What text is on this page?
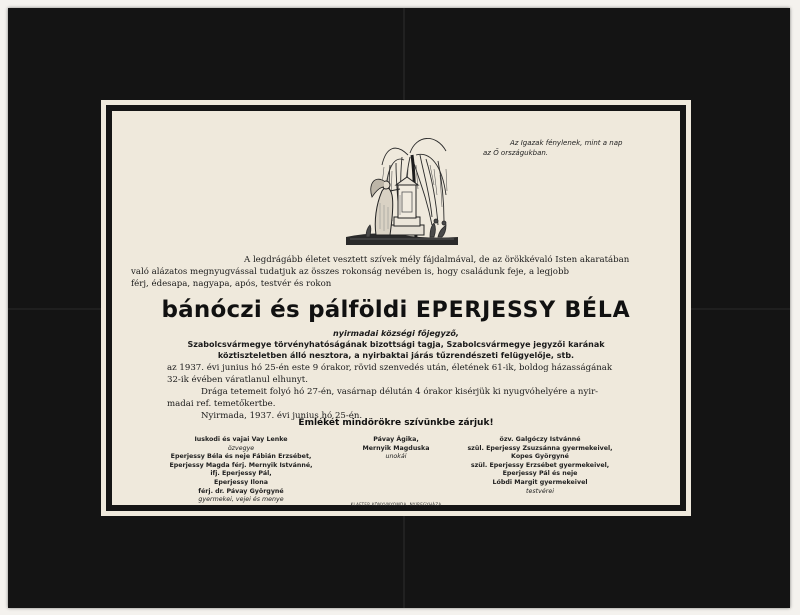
Az Igazak fénylenek, mint a nap
az Ő országukban.
A legdrágább életet vesztett szívek mély fájdalmával, de az örökkévaló Isten akaratában
való alázatos megnyugvással tudatjuk az összes rokonság nevében is, hogy családunk feje, a legjobb
férj, édesapa, nagyapa, após, testvér és rokon
bánóczi és pálföldi EPERJESSY BÉLA
nyirmadai községi főjegyző,
Szabolcsvármegye törvényhatóságának bizottsági tagja, Szabolcsvármegye jegyzői karának
köztiszteletben álló nesztora, a nyirbaktai járás tűzrendészeti felügyelője, stb.
az 1937. évi junius hó 25-én este 9 órakor, rövid szenvedés után, életének 61-ik, boldog házasságának
32-ik évében váratlanul elhunyt.
Drága tetemeit folyó hó 27-én, vasárnap délután 4 órakor kisérjük ki nyugvóhelyére a nyir-
madai ref. temetőkertbe.
Nyirmada, 1937. évi junius hó 25-én.
Emlékét mindörökre szívünkbe zárjuk!
Iuskodi és vajai Vay Lenke
özvegye
Eperjessy Béla és neje Fábián Erzsébet,
Eperjessy Magda férj. Mernyik Istvánné,
ifj. Eperjessy Pál,
Eperjessy Ilona
férj. dr. Pávay Györgyné
gyermekei, vejei és menye
Pávay Ágika,
Mernyik Magduska
unokái
özv. Galgóczy Istvánné
szül. Eperjessy Zsuzsánna gyermekeivel,
Kopes Györgyné
szül. Eperjessy Erzsébet gyermekeivel,
Eperjessy Pál és neje
Lóbdi Margit gyermekeivel
testvérei
KLAFTER KÖNYVNYOMDA, NYIREGYHÁZA
